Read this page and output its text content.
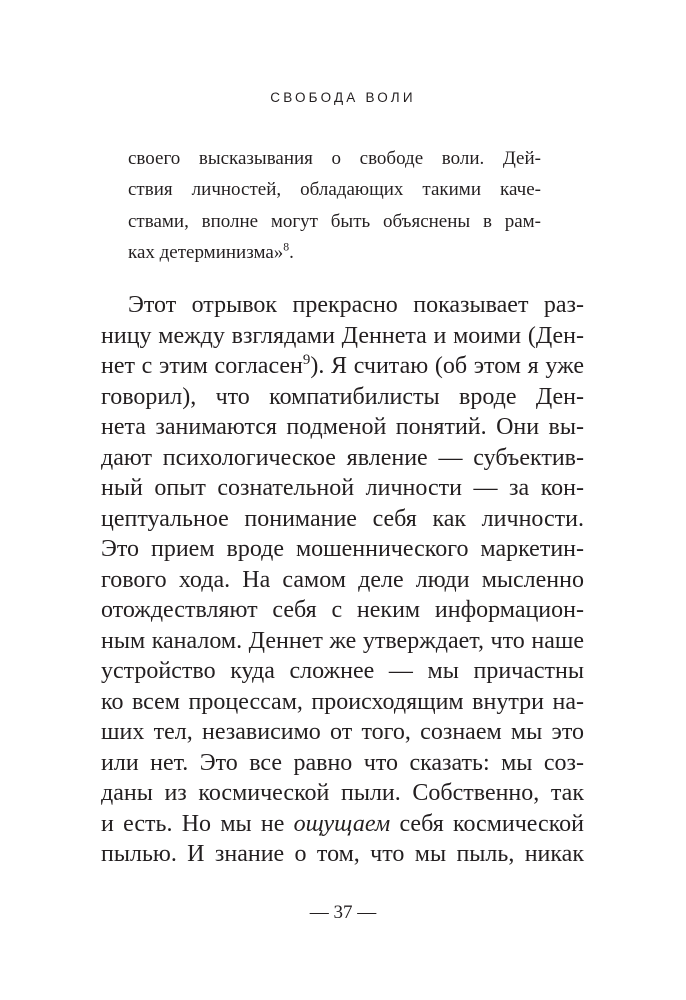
СВОБОДА ВОЛИ
своего высказывания о свободе воли. Дей-
ствия личностей, обладающих такими каче-
ствами, вполне могут быть объяснены в рам-
ках детерминизма»$^8$.
Этот отрывок прекрасно показывает раз-
ницу между взглядами Деннета и моими (Ден-
нет с этим согласен$^9$). Я считаю (об этом я уже
говорил), что компатибилисты вроде Ден-
нета занимаются подменой понятий. Они вы-
дают психологическое явление — субъектив-
ный опыт сознательной личности — за кон-
цептуальное понимание себя как личности.
Это прием вроде мошеннического маркетин-
гового хода. На самом деле люди мысленно
отождествляют себя с неким информацион-
ным каналом. Деннет же утверждает, что наше
устройство куда сложнее — мы причастны
ко всем процессам, происходящим внутри на-
ших тел, независимо от того, сознаем мы это
или нет. Это все равно что сказать: мы соз-
даны из космической пыли. Собственно, так
и есть. Но мы не ощущаем себя космической
пылью. И знание о том, что мы пыль, никак
— 37 —
